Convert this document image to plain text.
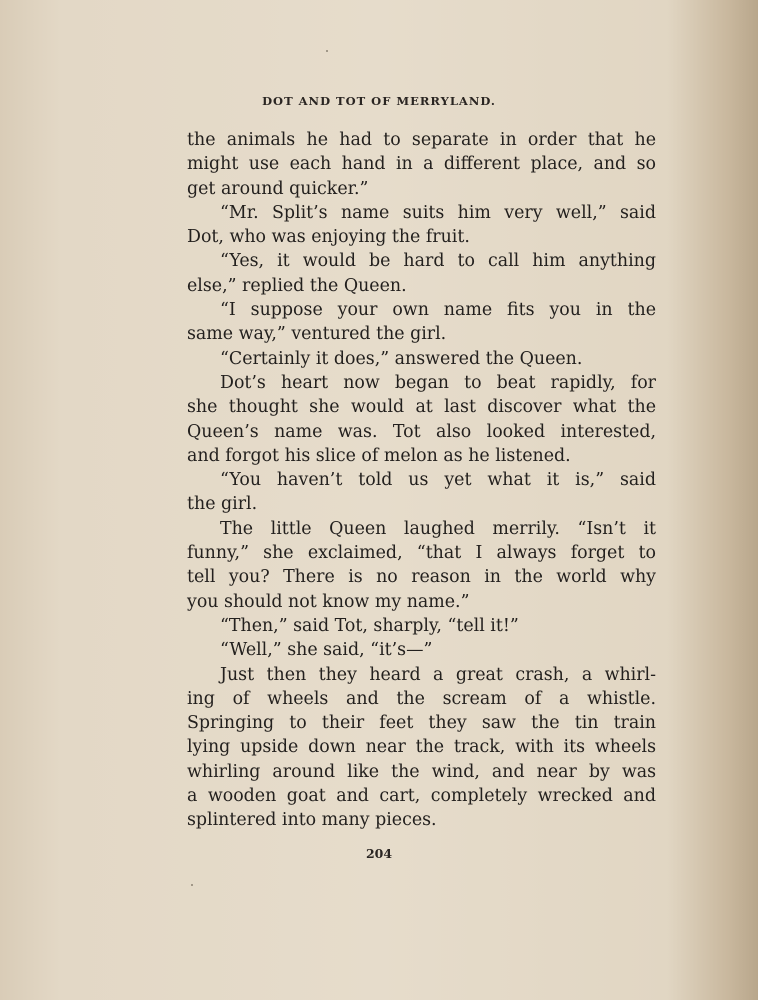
DOT AND TOT OF MERRYLAND.
the animals he had to separate in order that he
might use each hand in a different place, and so
get around quicker.”
“Mr. Split’s name suits him very well,” said
Dot, who was enjoying the fruit.
“Yes, it would be hard to call him anything
else,” replied the Queen.
“I suppose your own name fits you in the
same way,” ventured the girl.
“Certainly it does,” answered the Queen.
Dot’s heart now began to beat rapidly, for
she thought she would at last discover what the
Queen’s name was. Tot also looked interested,
and forgot his slice of melon as he listened.
“You haven’t told us yet what it is,” said
the girl.
The little Queen laughed merrily. “Isn’t it
funny,” she exclaimed, “that I always forget to
tell you? There is no reason in the world why
you should not know my name.”
“Then,” said Tot, sharply, “tell it!”
“Well,” she said, “it’s—”
Just then they heard a great crash, a whirl-
ing of wheels and the scream of a whistle.
Springing to their feet they saw the tin train
lying upside down near the track, with its wheels
whirling around like the wind, and near by was
a wooden goat and cart, completely wrecked and
splintered into many pieces.
204
